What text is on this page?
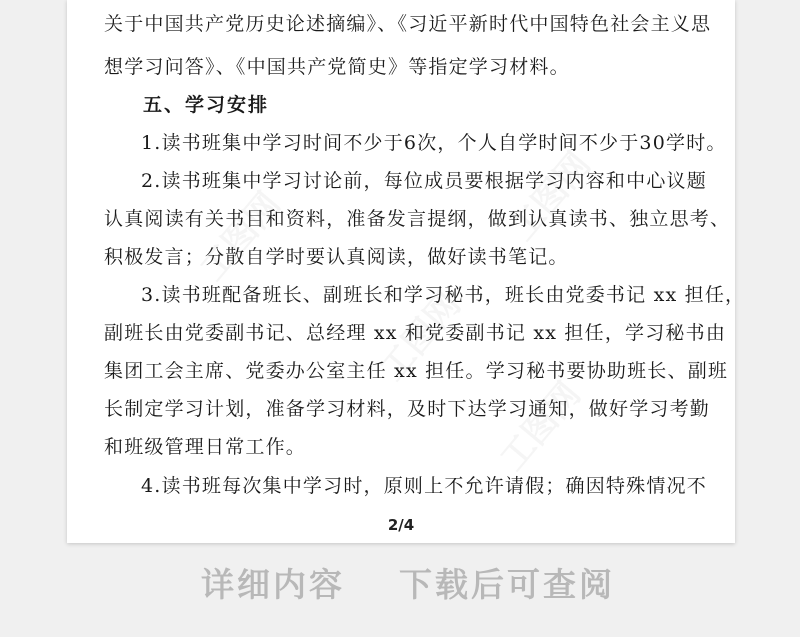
工图网	工图网
工图网
工图网
关于中国共产党历史论述摘编》、《习近平新时代中国特色社会主义思
想学习问答》、《中国共产党简史》等指定学习材料。
五、学习安排
1.读书班集中学习时间不少于6次，个人自学时间不少于30学时。
2.读书班集中学习讨论前，每位成员要根据学习内容和中心议题
认真阅读有关书目和资料，准备发言提纲，做到认真读书、独立思考、
积极发言；分散自学时要认真阅读，做好读书笔记。
3.读书班配备班长、副班长和学习秘书，班长由党委书记 xx 担任，
副班长由党委副书记、总经理 xx 和党委副书记 xx 担任，学习秘书由
集团工会主席、党委办公室主任 xx 担任。学习秘书要协助班长、副班
长制定学习计划，准备学习材料，及时下达学习通知，做好学习考勤
和班级管理日常工作。
4.读书班每次集中学习时，原则上不允许请假；确因特殊情况不
2/4
详细内容 下载后可查阅
